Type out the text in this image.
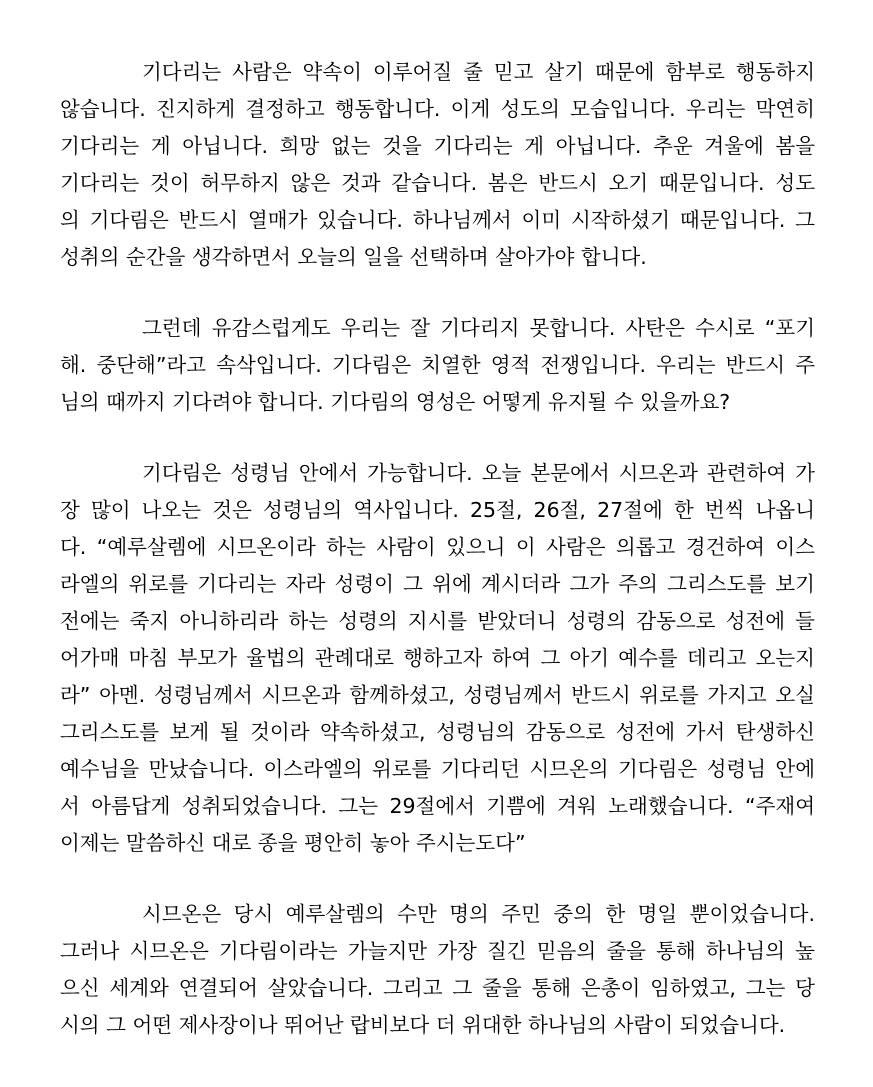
기다리는 사람은 약속이 이루어질 줄 믿고 살기 때문에 함부로 행동하지
않습니다. 진지하게 결정하고 행동합니다. 이게 성도의 모습입니다. 우리는 막연히
기다리는 게 아닙니다. 희망 없는 것을 기다리는 게 아닙니다. 추운 겨울에 봄을
기다리는 것이 허무하지 않은 것과 같습니다. 봄은 반드시 오기 때문입니다. 성도
의 기다림은 반드시 열매가 있습니다. 하나님께서 이미 시작하셨기 때문입니다. 그
성취의 순간을 생각하면서 오늘의 일을 선택하며 살아가야 합니다.

그런데 유감스럽게도 우리는 잘 기다리지 못합니다. 사탄은 수시로 “포기
해. 중단해”라고 속삭입니다. 기다림은 치열한 영적 전쟁입니다. 우리는 반드시 주
님의 때까지 기다려야 합니다. 기다림의 영성은 어떻게 유지될 수 있을까요?

기다림은 성령님 안에서 가능합니다. 오늘 본문에서 시므온과 관련하여 가
장 많이 나오는 것은 성령님의 역사입니다. 25절, 26절, 27절에 한 번씩 나옵니
다. “예루살렘에 시므온이라 하는 사람이 있으니 이 사람은 의롭고 경건하여 이스
라엘의 위로를 기다리는 자라 성령이 그 위에 계시더라 그가 주의 그리스도를 보기
전에는 죽지 아니하리라 하는 성령의 지시를 받았더니 성령의 감동으로 성전에 들
어가매 마침 부모가 율법의 관례대로 행하고자 하여 그 아기 예수를 데리고 오는지
라” 아멘. 성령님께서 시므온과 함께하셨고, 성령님께서 반드시 위로를 가지고 오실
그리스도를 보게 될 것이라 약속하셨고, 성령님의 감동으로 성전에 가서 탄생하신
예수님을 만났습니다. 이스라엘의 위로를 기다리던 시므온의 기다림은 성령님 안에
서 아름답게 성취되었습니다. 그는 29절에서 기쁨에 겨워 노래했습니다. “주재여
이제는 말씀하신 대로 종을 평안히 놓아 주시는도다”

시므온은 당시 예루살렘의 수만 명의 주민 중의 한 명일 뿐이었습니다.
그러나 시므온은 기다림이라는 가늘지만 가장 질긴 믿음의 줄을 통해 하나님의 높
으신 세계와 연결되어 살았습니다. 그리고 그 줄을 통해 은총이 임하였고, 그는 당
시의 그 어떤 제사장이나 뛰어난 랍비보다 더 위대한 하나님의 사람이 되었습니다.
